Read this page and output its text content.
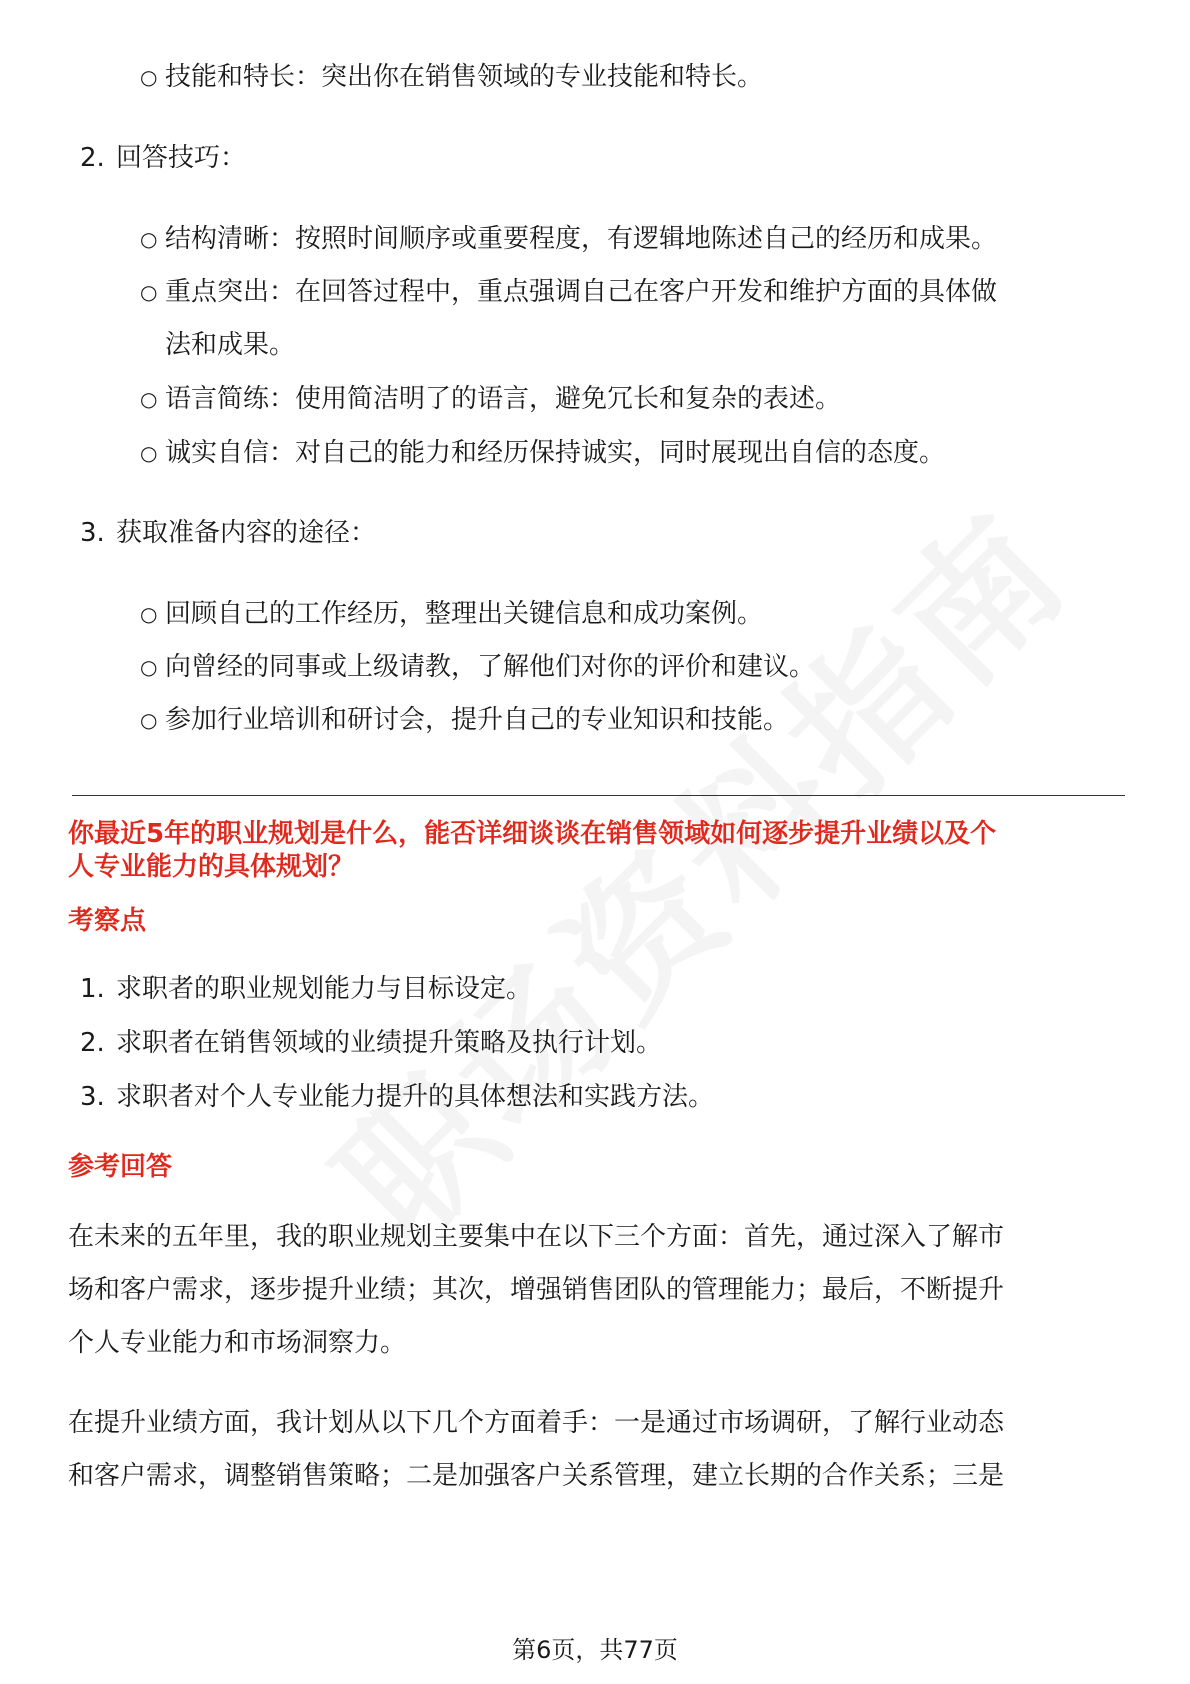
○ 技能和特长：突出你在销售领域的专业技能和特长。
2. 回答技巧：
○ 结构清晰：按照时间顺序或重要程度，有逻辑地陈述自己的经历和成果。
○ 重点突出：在回答过程中，重点强调自己在客户开发和维护方面的具体做
法和成果。
○ 语言简练：使用简洁明了的语言，避免冗长和复杂的表述。
○ 诚实自信：对自己的能力和经历保持诚实，同时展现出自信的态度。
3. 获取准备内容的途径：
○ 回顾自己的工作经历，整理出关键信息和成功案例。
○ 向曾经的同事或上级请教，了解他们对你的评价和建议。
○ 参加行业培训和研讨会，提升自己的专业知识和技能。
你最近5年的职业规划是什么，能否详细谈谈在销售领域如何逐步提升业绩以及个
人专业能力的具体规划？
考察点
1. 求职者的职业规划能力与目标设定。
2. 求职者在销售领域的业绩提升策略及执行计划。
3. 求职者对个人专业能力提升的具体想法和实践方法。
参考回答
在未来的五年里，我的职业规划主要集中在以下三个方面：首先，通过深入了解市
场和客户需求，逐步提升业绩；其次，增强销售团队的管理能力；最后，不断提升
个人专业能力和市场洞察力。
在提升业绩方面，我计划从以下几个方面着手：一是通过市场调研，了解行业动态
和客户需求，调整销售策略；二是加强客户关系管理，建立长期的合作关系；三是
第6页，共77页
